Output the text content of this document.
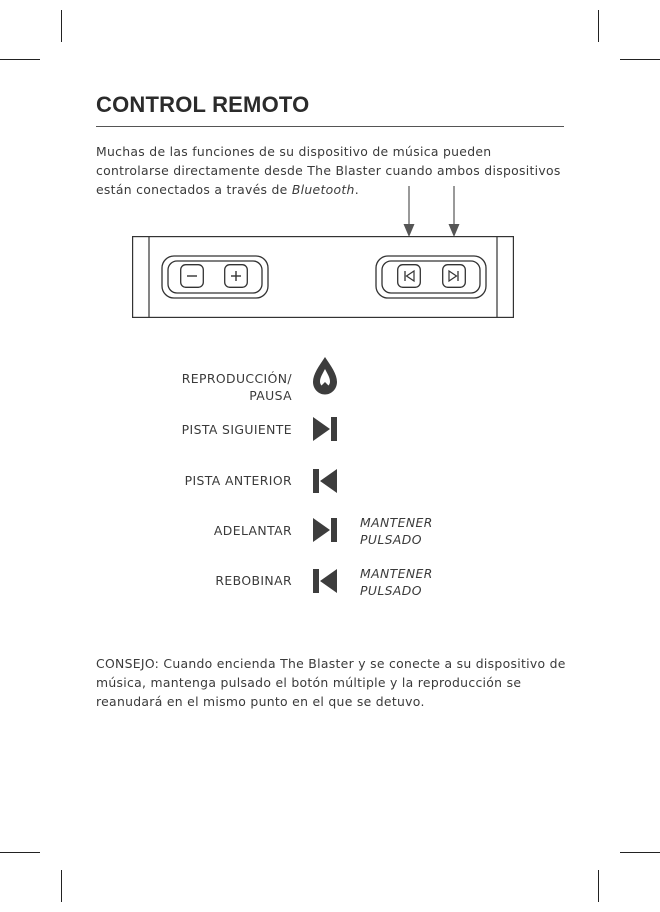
CONTROL REMOTO
Muchas de las funciones de su dispositivo de música pueden controlarse directamente desde The Blaster cuando ambos dispositivos están conectados a través de Bluetooth.
REPRODUCCIÓN/
PAUSA
PISTA SIGUIENTE
PISTA ANTERIOR
ADELANTAR
MANTENER
PULSADO
REBOBINAR	MANTENER
PULSADO
CONSEJO: Cuando encienda The Blaster y se conecte a su dispositivo de música, mantenga pulsado el botón múltiple y la reproducción se reanudará en el mismo punto en el que se detuvo.
